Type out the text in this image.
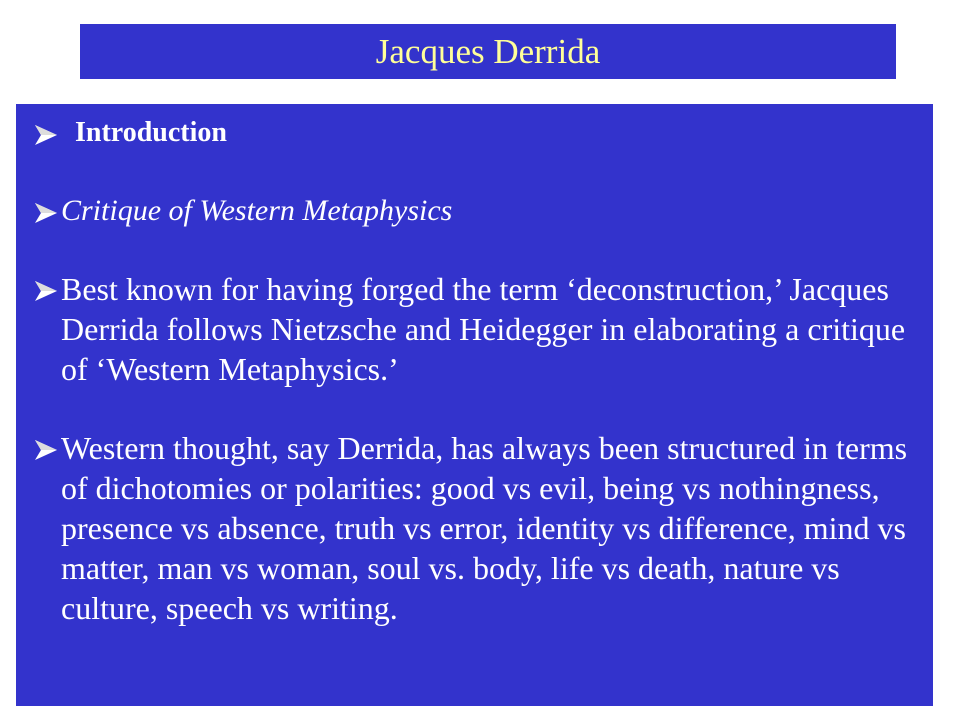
Jacques Derrida
Introduction
Critique of Western Metaphysics
Best known for having forged the term ‘deconstruction,’ Jacques Derrida follows Nietzsche and Heidegger in elaborating a critique of ‘Western Metaphysics.’
Western thought, say Derrida, has always been structured in terms of dichotomies or polarities: good vs evil, being vs nothingness, presence vs absence, truth vs error, identity vs difference, mind vs matter, man vs woman, soul vs. body, life vs death, nature vs culture, speech vs writing.
